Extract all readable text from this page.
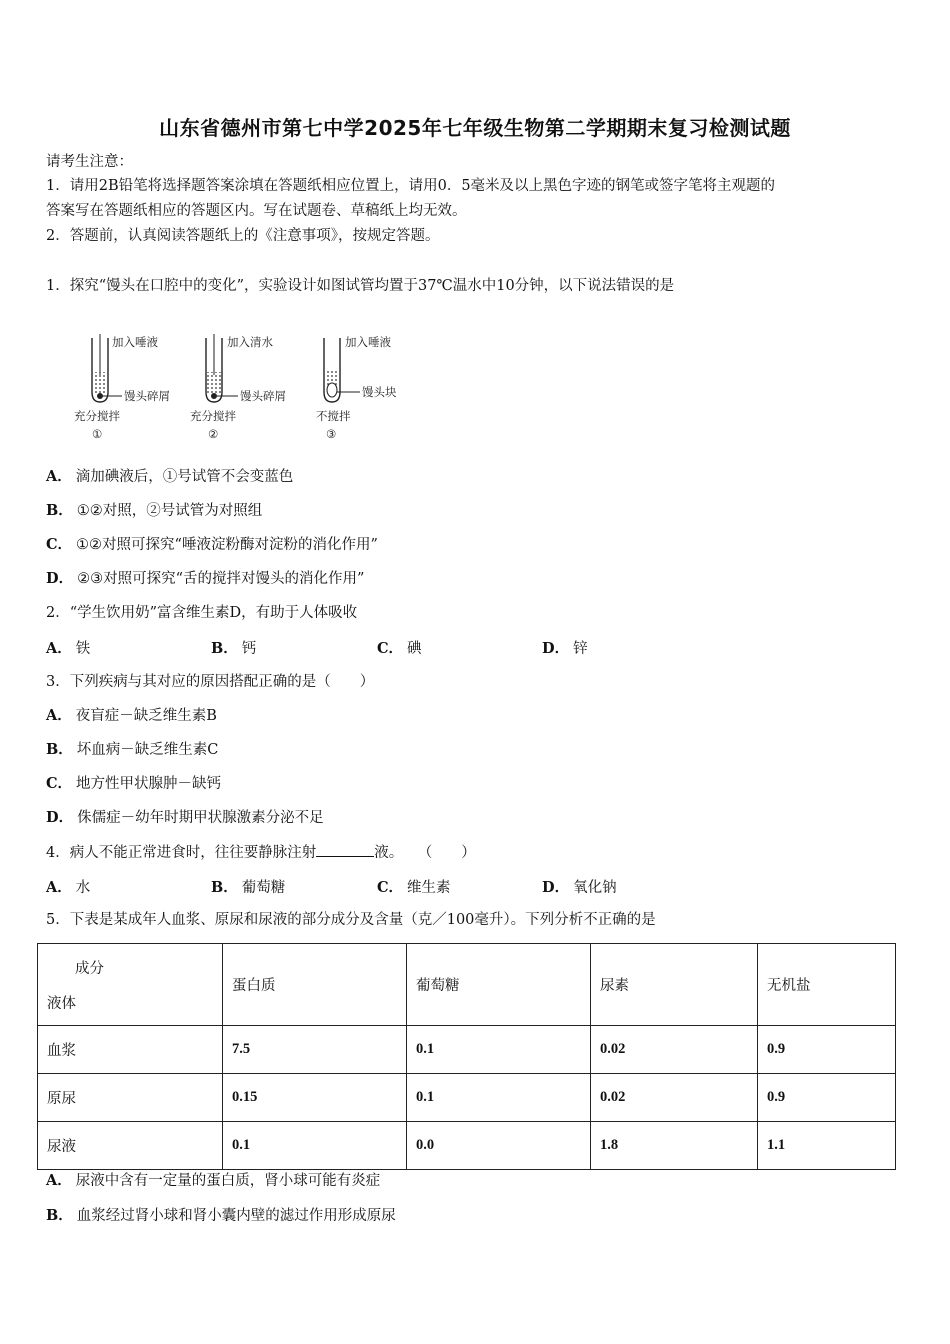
山东省德州市第七中学2025年七年级生物第二学期期末复习检测试题
请考生注意：
1．请用2B铅笔将选择题答案涂填在答题纸相应位置上，请用0．5毫米及以上黑色字迹的钢笔或签字笔将主观题的
答案写在答题纸相应的答题区内。写在试题卷、草稿纸上均无效。
2．答题前，认真阅读答题纸上的《注意事项》，按规定答题。
1．探究“馒头在口腔中的变化”，实验设计如图试管均置于37℃温水中10分钟，以下说法错误的是
加入唾液
馒头碎屑
充分搅拌
①
加入清水
馒头碎屑
充分搅拌
②
加入唾液
馒头块
不搅拌
③
A． 滴加碘液后，①号试管不会变蓝色
B． ①②对照，②号试管为对照组
C． ①②对照可探究“唾液淀粉酶对淀粉的消化作用”
D． ②③对照可探究“舌的搅拌对馒头的消化作用”
2．“学生饮用奶”富含维生素D，有助于人体吸收
A． 铁	B． 钙	C． 碘	D． 锌
3．下列疾病与其对应的原因搭配正确的是（　　）
A． 夜盲症－缺乏维生素B
B． 坏血病－缺乏维生素C
C． 地方性甲状腺肿－缺钙
D． 侏儒症－幼年时期甲状腺激素分泌不足
4．病人不能正常进食时，往往要静脉注射	液。　　（　　）
A． 水	B． 葡萄糖	C． 维生素	D． 氧化钠
5．下表是某成年人血浆、原尿和尿液的部分成分及含量（克／100毫升）。下列分析不正确的是
成分
液体	蛋白质	葡萄糖	尿素	无机盐
血浆	7.5	0.1	0.02	0.9
原尿	0.15	0.1	0.02	0.9
尿液	0.1	0.0	1.8	1.1
A． 尿液中含有一定量的蛋白质，肾小球可能有炎症
B． 血浆经过肾小球和肾小囊内壁的滤过作用形成原尿
